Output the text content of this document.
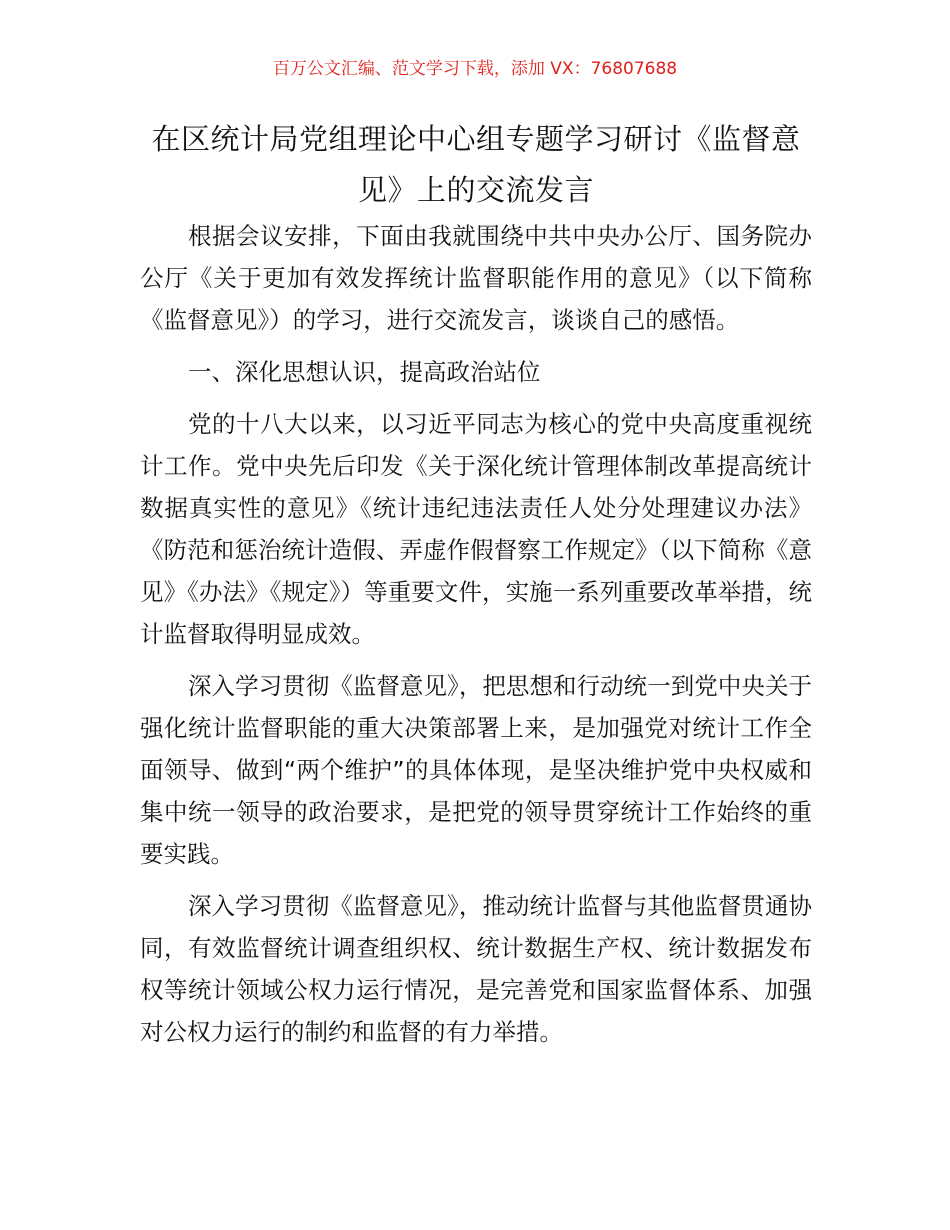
百万公文汇编、范文学习下载，添加 VX：76807688
在区统计局党组理论中心组专题学习研讨《监督意见》上的交流发言

根据会议安排，下面由我就围绕中共中央办公厅、国务院办公厅《关于更加有效发挥统计监督职能作用的意见》（以下简称《监督意见》）的学习，进行交流发言，谈谈自己的感悟。

一、深化思想认识，提高政治站位

党的十八大以来，以习近平同志为核心的党中央高度重视统计工作。党中央先后印发《关于深化统计管理体制改革提高统计数据真实性的意见》《统计违纪违法责任人处分处理建议办法》《防范和惩治统计造假、弄虚作假督察工作规定》（以下简称《意见》《办法》《规定》）等重要文件，实施一系列重要改革举措，统计监督取得明显成效。

深入学习贯彻《监督意见》，把思想和行动统一到党中央关于强化统计监督职能的重大决策部署上来，是加强党对统计工作全面领导、做到“两个维护”的具体体现，是坚决维护党中央权威和集中统一领导的政治要求，是把党的领导贯穿统计工作始终的重要实践。

深入学习贯彻《监督意见》，推动统计监督与其他监督贯通协同，有效监督统计调查组织权、统计数据生产权、统计数据发布权等统计领域公权力运行情况，是完善党和国家监督体系、加强对公权力运行的制约和监督的有力举措。
